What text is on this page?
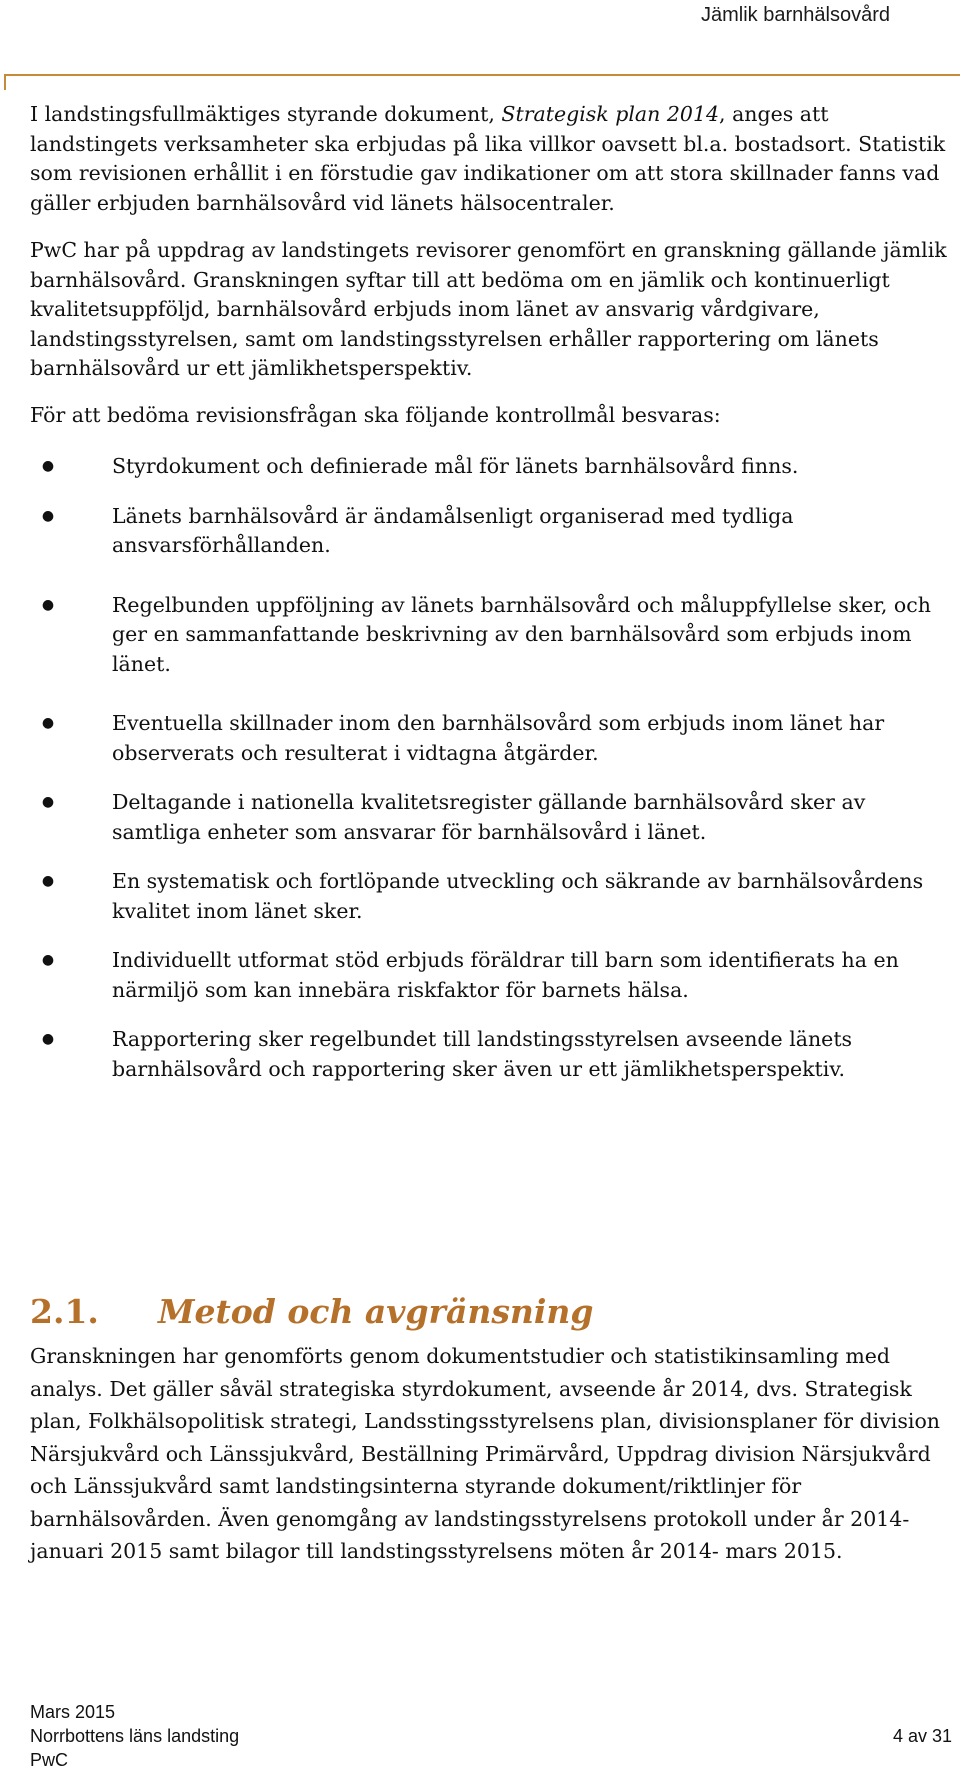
Jämlik barnhälsovård

I landstingsfullmäktiges styrande dokument, Strategisk plan 2014, anges att landstingets verksamheter ska erbjudas på lika villkor oavsett bl.a. bostadsort. Statistik som revisionen erhållit i en förstudie gav indikationer om att stora skillnader fanns vad gäller erbjuden barnhälsovård vid länets hälsocentraler.

PwC har på uppdrag av landstingets revisorer genomfört en granskning gällande jämlik barnhälsovård. Granskningen syftar till att bedöma om en jämlik och kontinuerligt kvalitetsuppföljd, barnhälsovård erbjuds inom länet av ansvarig vårdgivare, landstingsstyrelsen, samt om landstingsstyrelsen erhåller rapportering om länets barnhälsovård ur ett jämlikhetsperspektiv.

För att bedöma revisionsfrågan ska följande kontrollmål besvaras:

●	Styrdokument och definierade mål för länets barnhälsovård finns.
●	Länets barnhälsovård är ändamålsenligt organiserad med tydliga ansvarsförhållanden.
●	Regelbunden uppföljning av länets barnhälsovård och måluppfyllelse sker, och ger en sammanfattande beskrivning av den barnhälsovård som erbjuds inom länet.
●	Eventuella skillnader inom den barnhälsovård som erbjuds inom länet har observerats och resulterat i vidtagna åtgärder.
●	Deltagande i nationella kvalitetsregister gällande barnhälsovård sker av samtliga enheter som ansvarar för barnhälsovård i länet.
●	En systematisk och fortlöpande utveckling och säkrande av barnhälsovårdens kvalitet inom länet sker.
●	Individuellt utformat stöd erbjuds föräldrar till barn som identifierats ha en närmiljö som kan innebära riskfaktor för barnets hälsa.
●	Rapportering sker regelbundet till landstingsstyrelsen avseende länets barnhälsovård och rapportering sker även ur ett jämlikhetsperspektiv.
2.1. Metod och avgränsning

Granskningen har genomförts genom dokumentstudier och statistikinsamling med analys. Det gäller såväl strategiska styrdokument, avseende år 2014, dvs. Strategisk plan, Folkhälsopolitisk strategi, Landsstingsstyrelsens plan, divisionsplaner för division Närsjukvård och Länssjukvård, Beställning Primärvård, Uppdrag division Närsjukvård och Länssjukvård samt landstingsinterna styrande dokument/riktlinjer för barnhälsovården. Även genomgång av landstingsstyrelsens protokoll under år 2014- januari 2015 samt bilagor till landstingsstyrelsens möten år 2014- mars 2015.

Mars 2015
Norrbottens läns landsting	4 av 31
PwC
